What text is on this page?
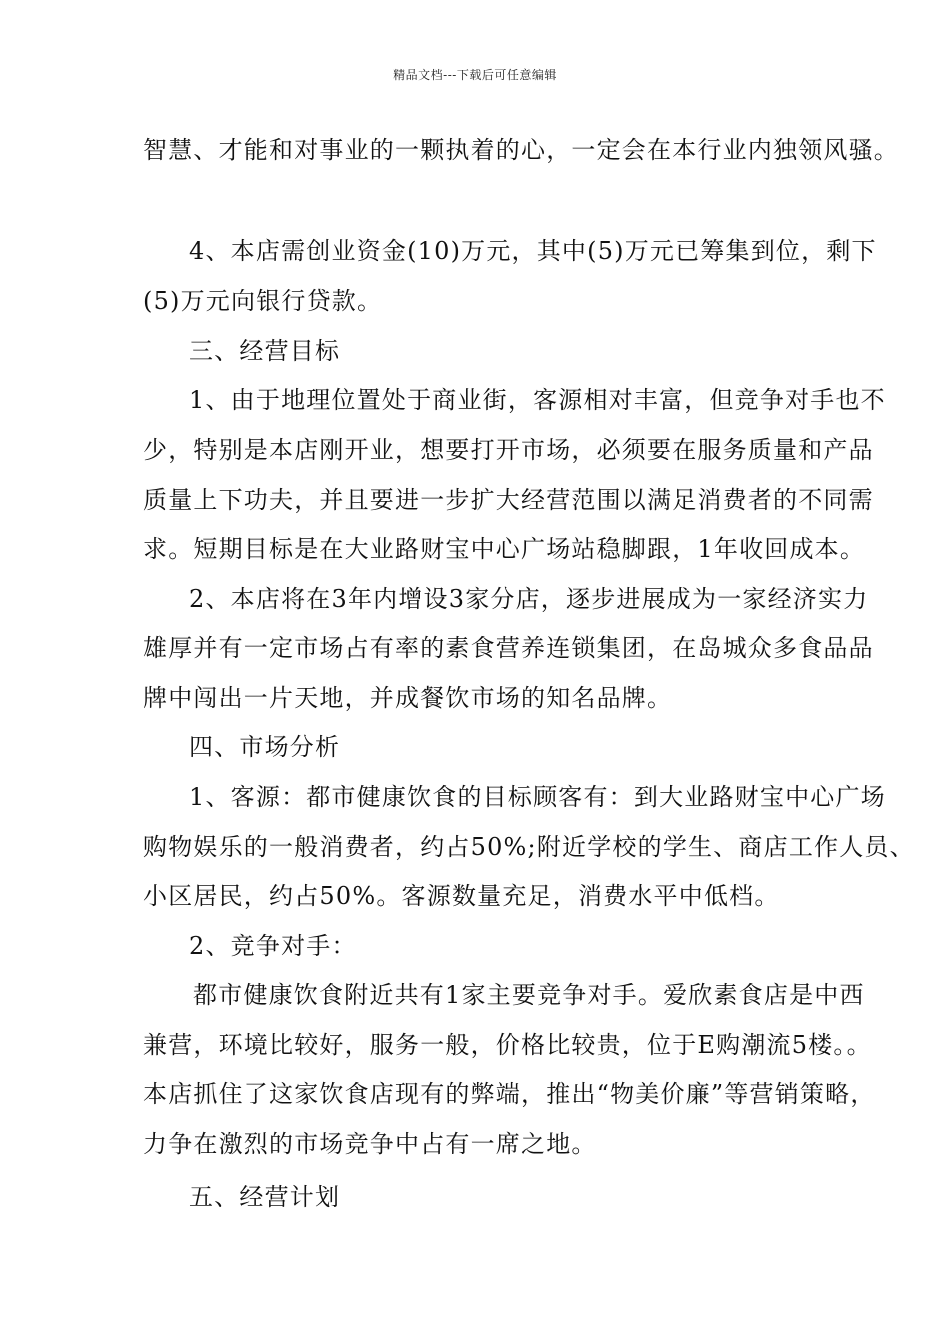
精品文档---下载后可任意编辑
智慧、才能和对事业的一颗执着的心，一定会在本行业内独领风骚。
4、本店需创业资金(10)万元，其中(5)万元已筹集到位，剩下
(5)万元向银行贷款。
三、经营目标
1、由于地理位置处于商业街，客源相对丰富，但竞争对手也不
少，特别是本店刚开业，想要打开市场，必须要在服务质量和产品
质量上下功夫，并且要进一步扩大经营范围以满足消费者的不同需
求。短期目标是在大业路财宝中心广场站稳脚跟，1年收回成本。
2、本店将在3年内增设3家分店，逐步进展成为一家经济实力
雄厚并有一定市场占有率的素食营养连锁集团，在岛城众多食品品
牌中闯出一片天地，并成餐饮市场的知名品牌。
四、市场分析
1、客源：都市健康饮食的目标顾客有：到大业路财宝中心广场
购物娱乐的一般消费者，约占50%;附近学校的学生、商店工作人员、
小区居民，约占50%。客源数量充足，消费水平中低档。
2、竞争对手：
都市健康饮食附近共有1家主要竞争对手。爱欣素食店是中西
兼营，环境比较好，服务一般，价格比较贵，位于E购潮流5楼。。
本店抓住了这家饮食店现有的弊端，推出“物美价廉”等营销策略，
力争在激烈的市场竞争中占有一席之地。
五、经营计划
